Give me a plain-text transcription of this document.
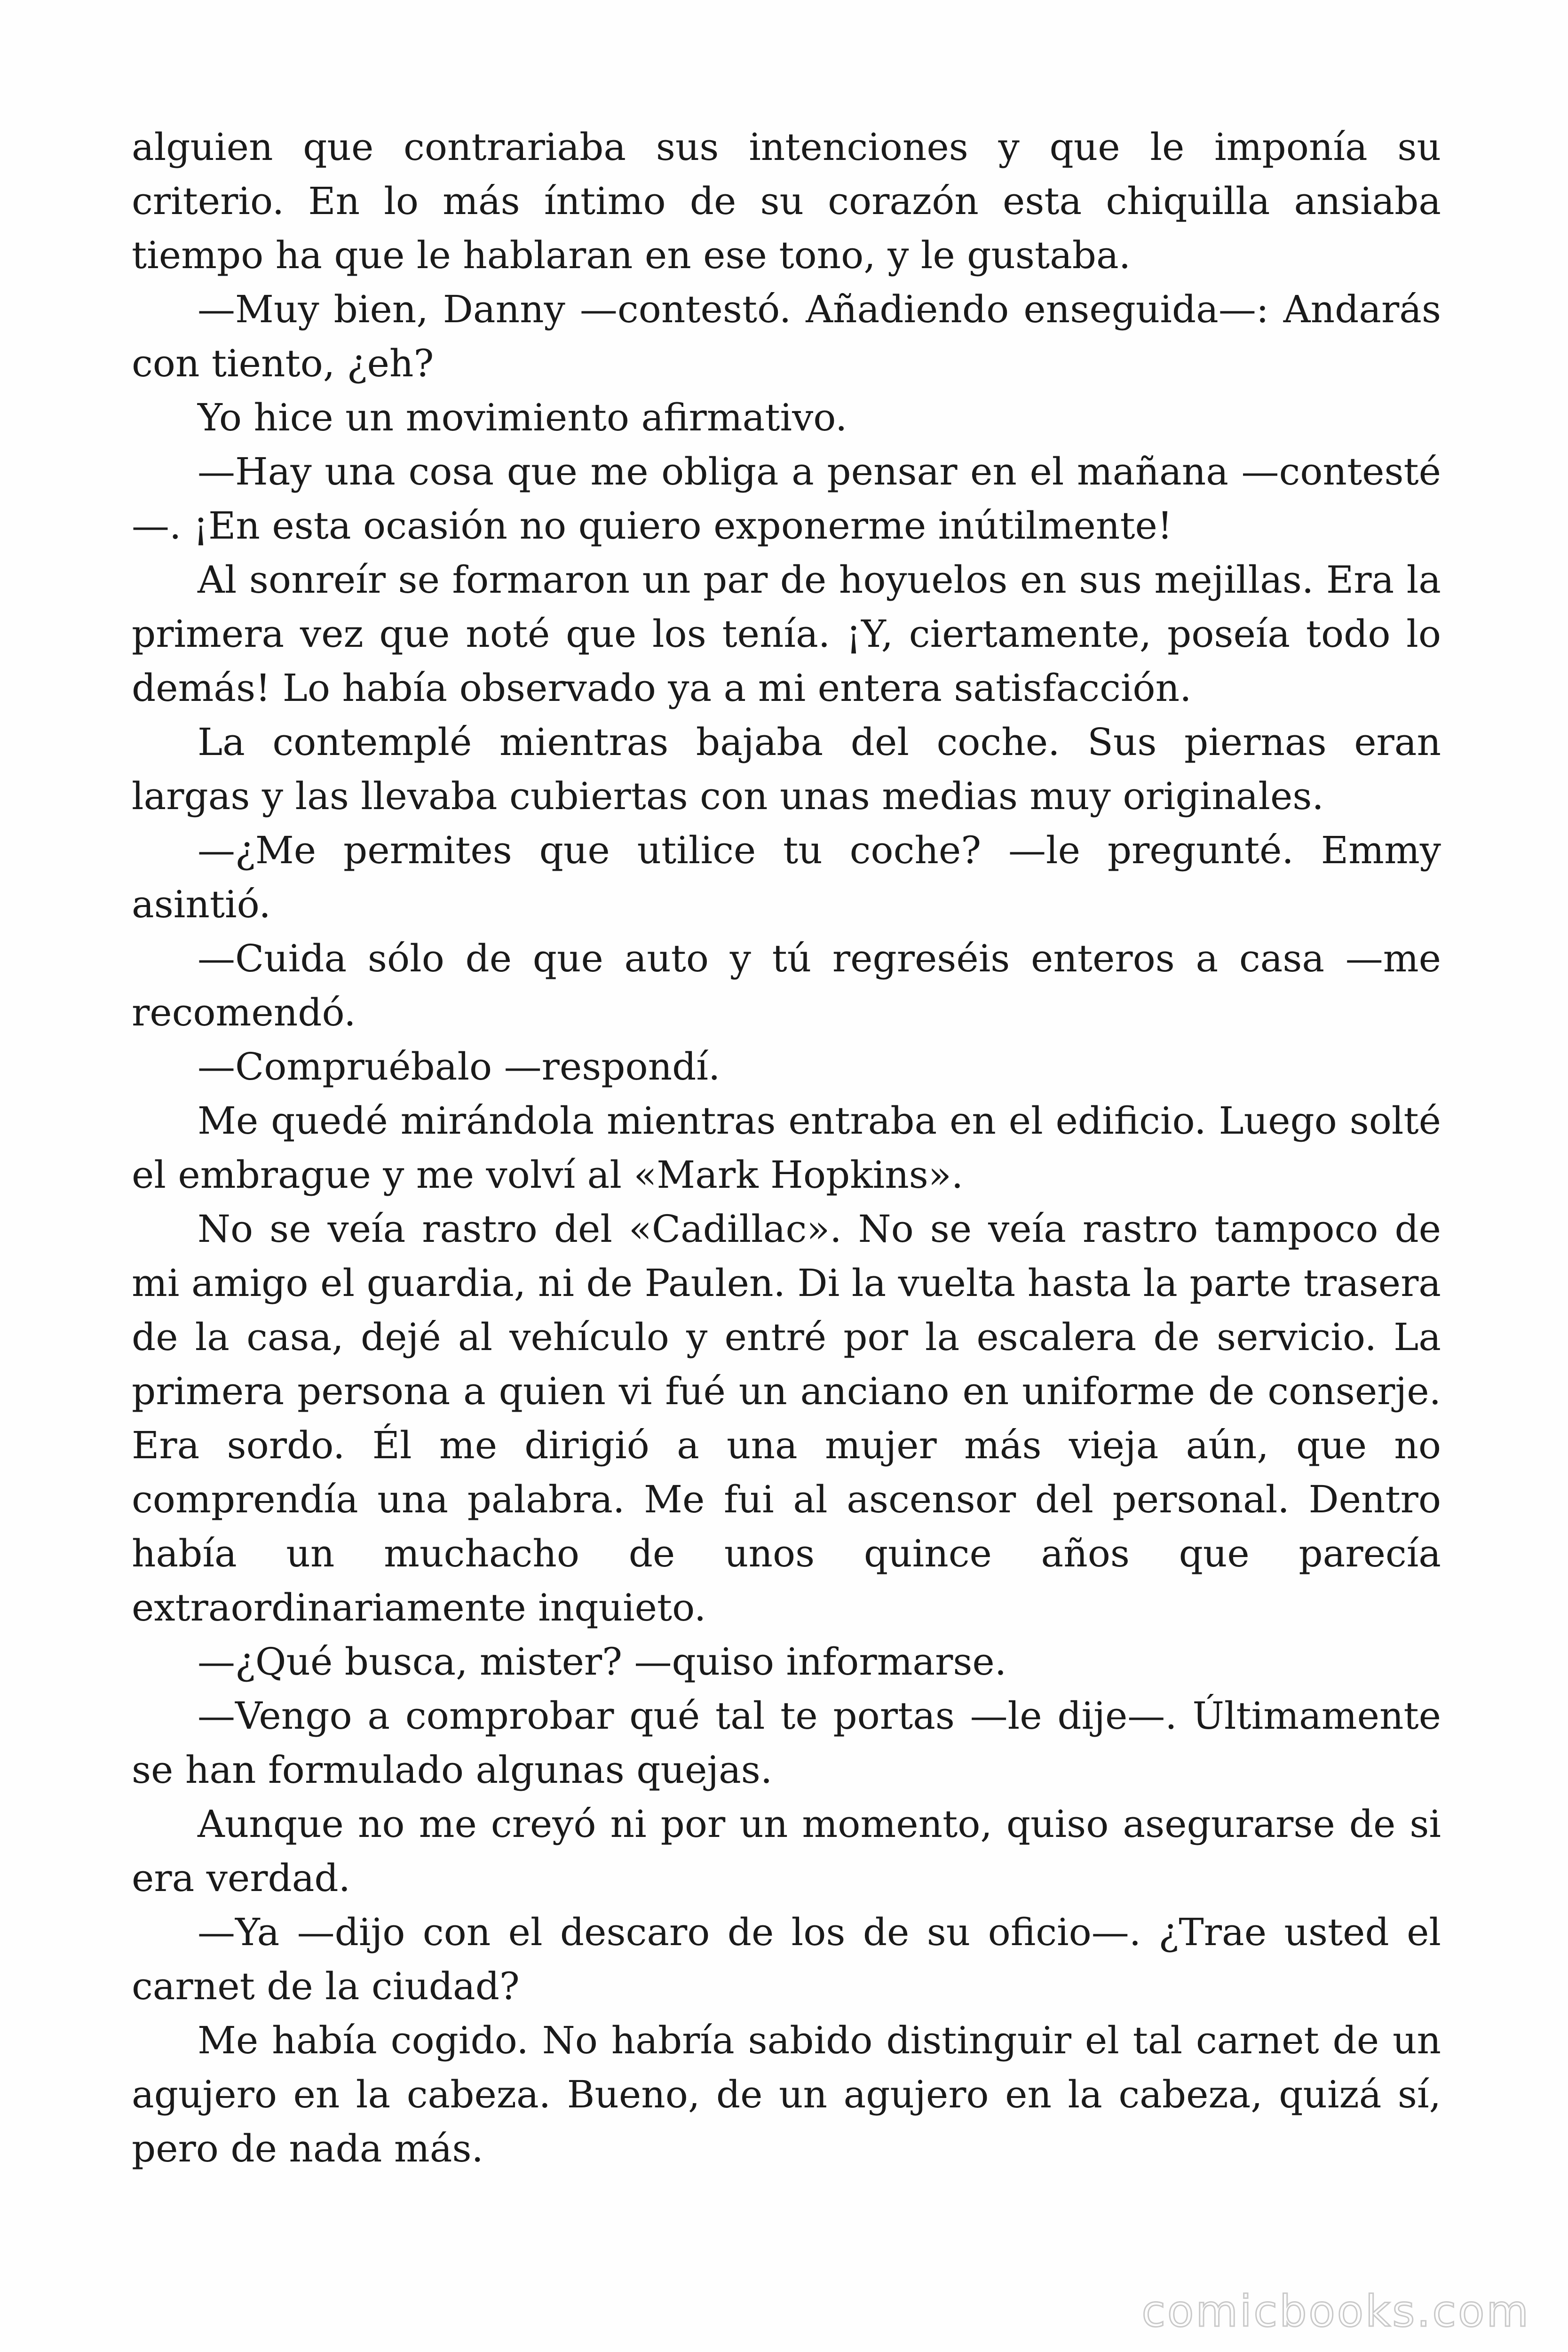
alguien que contrariaba sus intenciones y que le imponía su criterio. En lo más íntimo de su corazón esta chiquilla ansiaba tiempo ha que le hablaran en ese tono, y le gustaba.

—Muy bien, Danny —contestó. Añadiendo enseguida—: Andarás con tiento, ¿eh?

Yo hice un movimiento afirmativo.

—Hay una cosa que me obliga a pensar en el mañana —contesté —. ¡En esta ocasión no quiero exponerme inútilmente!

Al sonreír se formaron un par de hoyuelos en sus mejillas. Era la primera vez que noté que los tenía. ¡Y, ciertamente, poseía todo lo demás! Lo había observado ya a mi entera satisfacción.

La contemplé mientras bajaba del coche. Sus piernas eran largas y las llevaba cubiertas con unas medias muy originales.

—¿Me permites que utilice tu coche? —le pregunté. Emmy asintió.

—Cuida sólo de que auto y tú regreséis enteros a casa —me recomendó.

—Compruébalo —respondí.

Me quedé mirándola mientras entraba en el edificio. Luego solté el embrague y me volví al «Mark Hopkins».

No se veía rastro del «Cadillac». No se veía rastro tampoco de mi amigo el guardia, ni de Paulen. Di la vuelta hasta la parte trasera de la casa, dejé al vehículo y entré por la escalera de servicio. La primera persona a quien vi fué un anciano en uniforme de conserje. Era sordo. Él me dirigió a una mujer más vieja aún, que no comprendía una palabra. Me fui al ascensor del personal. Dentro había un muchacho de unos quince años que parecía extraordinariamente inquieto.

—¿Qué busca, mister? —quiso informarse.

—Vengo a comprobar qué tal te portas —le dije—. Últimamente se han formulado algunas quejas.

Aunque no me creyó ni por un momento, quiso asegurarse de si era verdad.

—Ya —dijo con el descaro de los de su oficio—. ¿Trae usted el carnet de la ciudad?

Me había cogido. No habría sabido distinguir el tal carnet de un agujero en la cabeza. Bueno, de un agujero en la cabeza, quizá sí, pero de nada más.

comicbooks.com
